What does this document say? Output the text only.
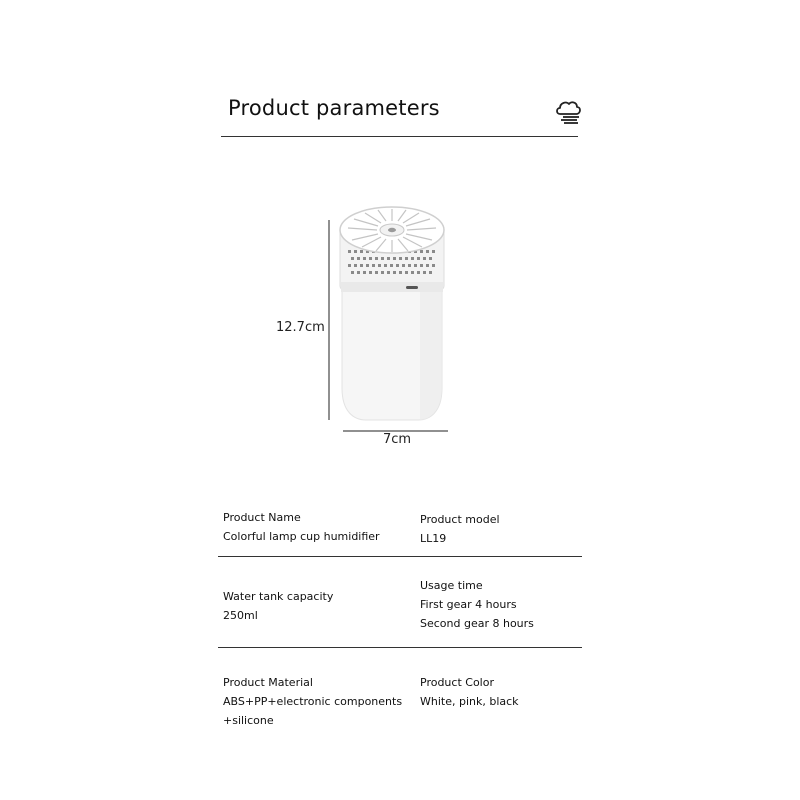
Product parameters
12.7cm
7cm
Product Name
Colorful lamp cup humidifier
Product model
LL19
Water tank capacity
250ml
Usage time
First gear 4 hours
Second gear 8 hours
Product Material
ABS+PP+electronic components
+silicone
Product Color
White, pink, black
